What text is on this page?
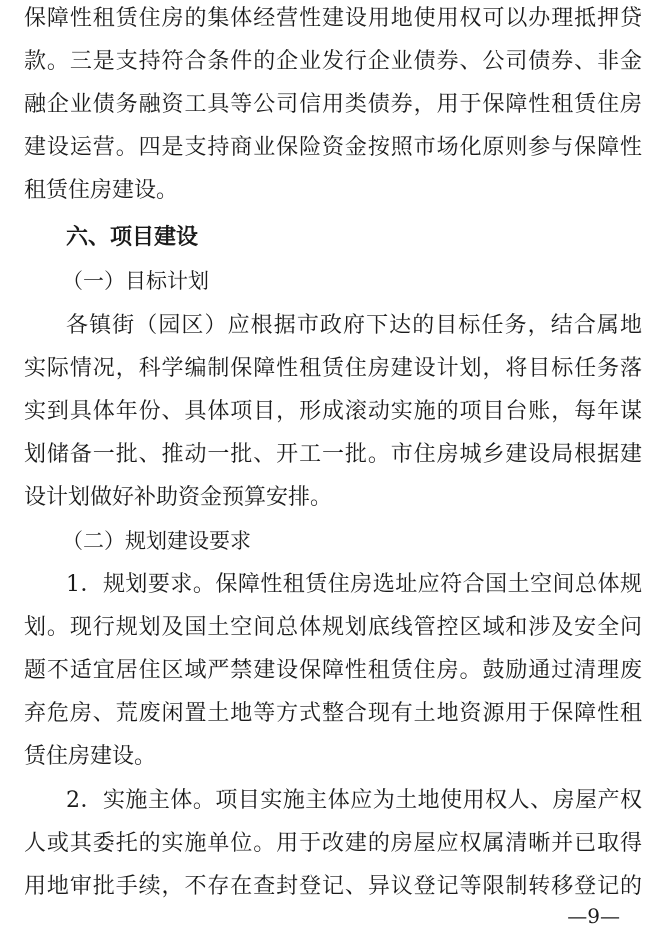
保障性租赁住房的集体经营性建设用地使用权可以办理抵押贷
款。三是支持符合条件的企业发行企业债券、公司债券、非金
融企业债务融资工具等公司信用类债券，用于保障性租赁住房
建设运营。四是支持商业保险资金按照市场化原则参与保障性
租赁住房建设。
六、项目建设
（一）目标计划
各镇街（园区）应根据市政府下达的目标任务，结合属地
实际情况，科学编制保障性租赁住房建设计划，将目标任务落
实到具体年份、具体项目，形成滚动实施的项目台账，每年谋
划储备一批、推动一批、开工一批。市住房城乡建设局根据建
设计划做好补助资金预算安排。
（二）规划建设要求
1．规划要求。保障性租赁住房选址应符合国土空间总体规
划。现行规划及国土空间总体规划底线管控区域和涉及安全问
题不适宜居住区域严禁建设保障性租赁住房。鼓励通过清理废
弃危房、荒废闲置土地等方式整合现有土地资源用于保障性租
赁住房建设。
2．实施主体。项目实施主体应为土地使用权人、房屋产权
人或其委托的实施单位。用于改建的房屋应权属清晰并已取得
用地审批手续，不存在查封登记、异议登记等限制转移登记的
—9—
